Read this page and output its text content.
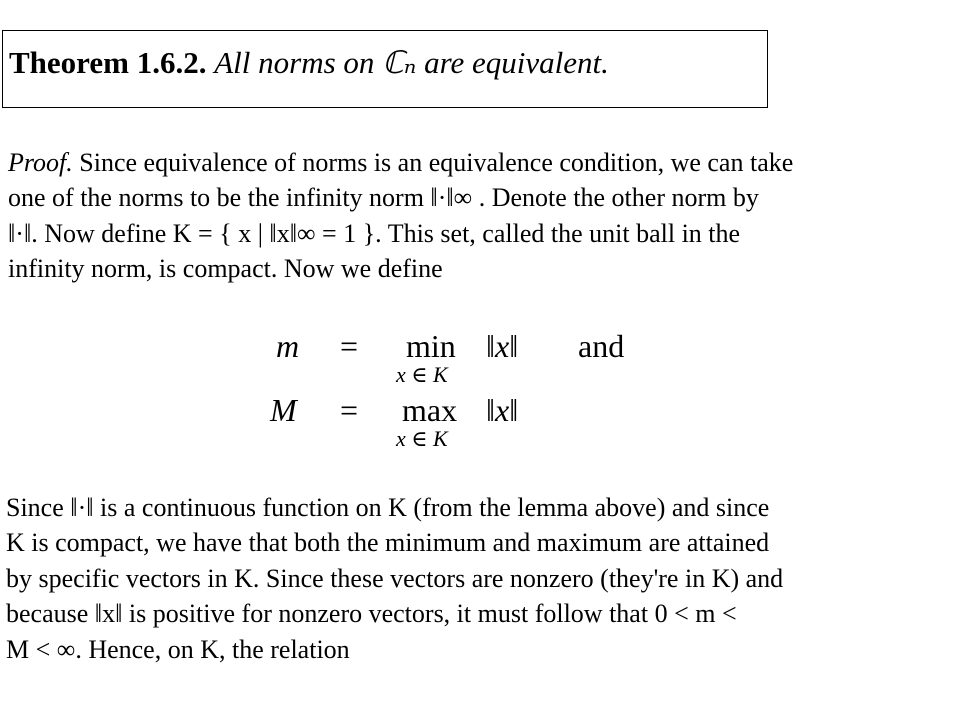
Theorem 1.6.2. All norms on ℂₙ are equivalent.
Proof. Since equivalence of norms is an equivalence condition, we can take
one of the norms to be the infinity norm ‖·‖∞ . Denote the other norm by
‖·‖. Now define K = { x | ‖x‖∞ = 1 }. This set, called the unit ball in the
infinity norm, is compact. Now we define
m = min
x ∈ K
‖x‖ and
M = max
x ∈ K
‖x‖
Since ‖·‖ is a continuous function on K (from the lemma above) and since
K is compact, we have that both the minimum and maximum are attained
by specific vectors in K. Since these vectors are nonzero (they're in K) and
because ‖x‖ is positive for nonzero vectors, it must follow that 0 < m <
M < ∞. Hence, on K, the relation
